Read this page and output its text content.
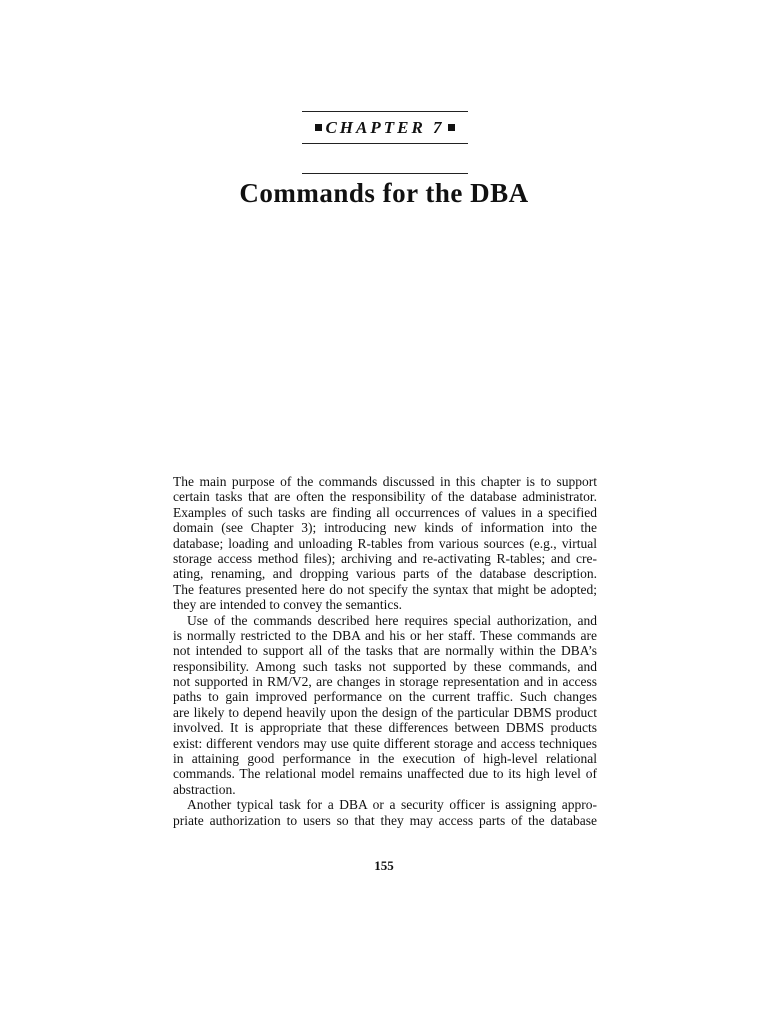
CHAPTER 7
Commands for the DBA
The main purpose of the commands discussed in this chapter is to support
certain tasks that are often the responsibility of the database administrator.
Examples of such tasks are finding all occurrences of values in a specified
domain (see Chapter 3); introducing new kinds of information into the
database; loading and unloading R-tables from various sources (e.g., virtual
storage access method files); archiving and re-activating R-tables; and cre-
ating, renaming, and dropping various parts of the database description.
The features presented here do not specify the syntax that might be adopted;
they are intended to convey the semantics.
Use of the commands described here requires special authorization, and
is normally restricted to the DBA and his or her staff. These commands are
not intended to support all of the tasks that are normally within the DBA’s
responsibility. Among such tasks not supported by these commands, and
not supported in RM/V2, are changes in storage representation and in access
paths to gain improved performance on the current traffic. Such changes
are likely to depend heavily upon the design of the particular DBMS product
involved. It is appropriate that these differences between DBMS products
exist: different vendors may use quite different storage and access techniques
in attaining good performance in the execution of high-level relational
commands. The relational model remains unaffected due to its high level of
abstraction.
Another typical task for a DBA or a security officer is assigning appro-
priate authorization to users so that they may access parts of the database
155
